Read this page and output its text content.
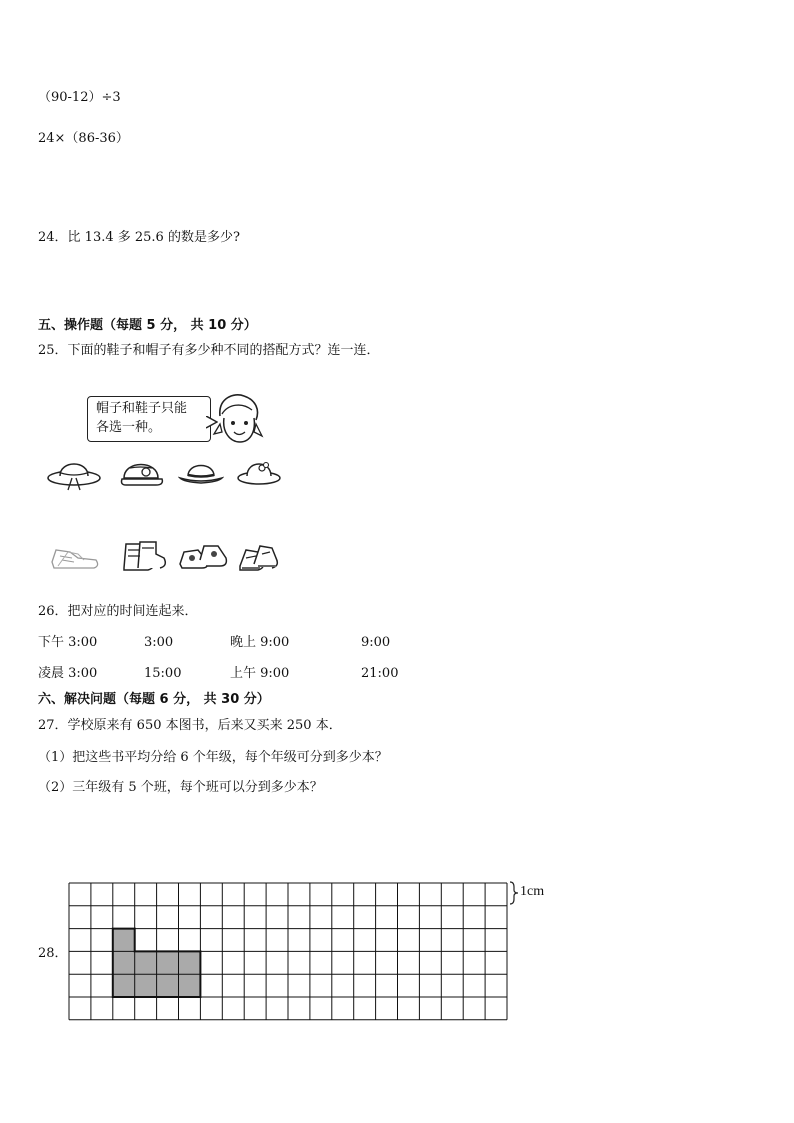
（90-12）÷3
24×（86-36）
24．比 13.4 多 25.6 的数是多少?
五、操作题（每题 5 分， 共 10 分）
25．下面的鞋子和帽子有多少种不同的搭配方式？连一连．
帽子和鞋子只能
各选一种。
26．把对应的时间连起来．
下午 3:00	3:00	晚上 9:00	9:00
凌晨 3:00	15:00	上午 9:00	21:00
六、解决问题（每题 6 分， 共 30 分）
27．学校原来有 650 本图书，后来又买来 250 本．
（1）把这些书平均分给 6 个年级，每个年级可分到多少本？
（2）三年级有 5 个班，每个班可以分到多少本？
28．
1cm
